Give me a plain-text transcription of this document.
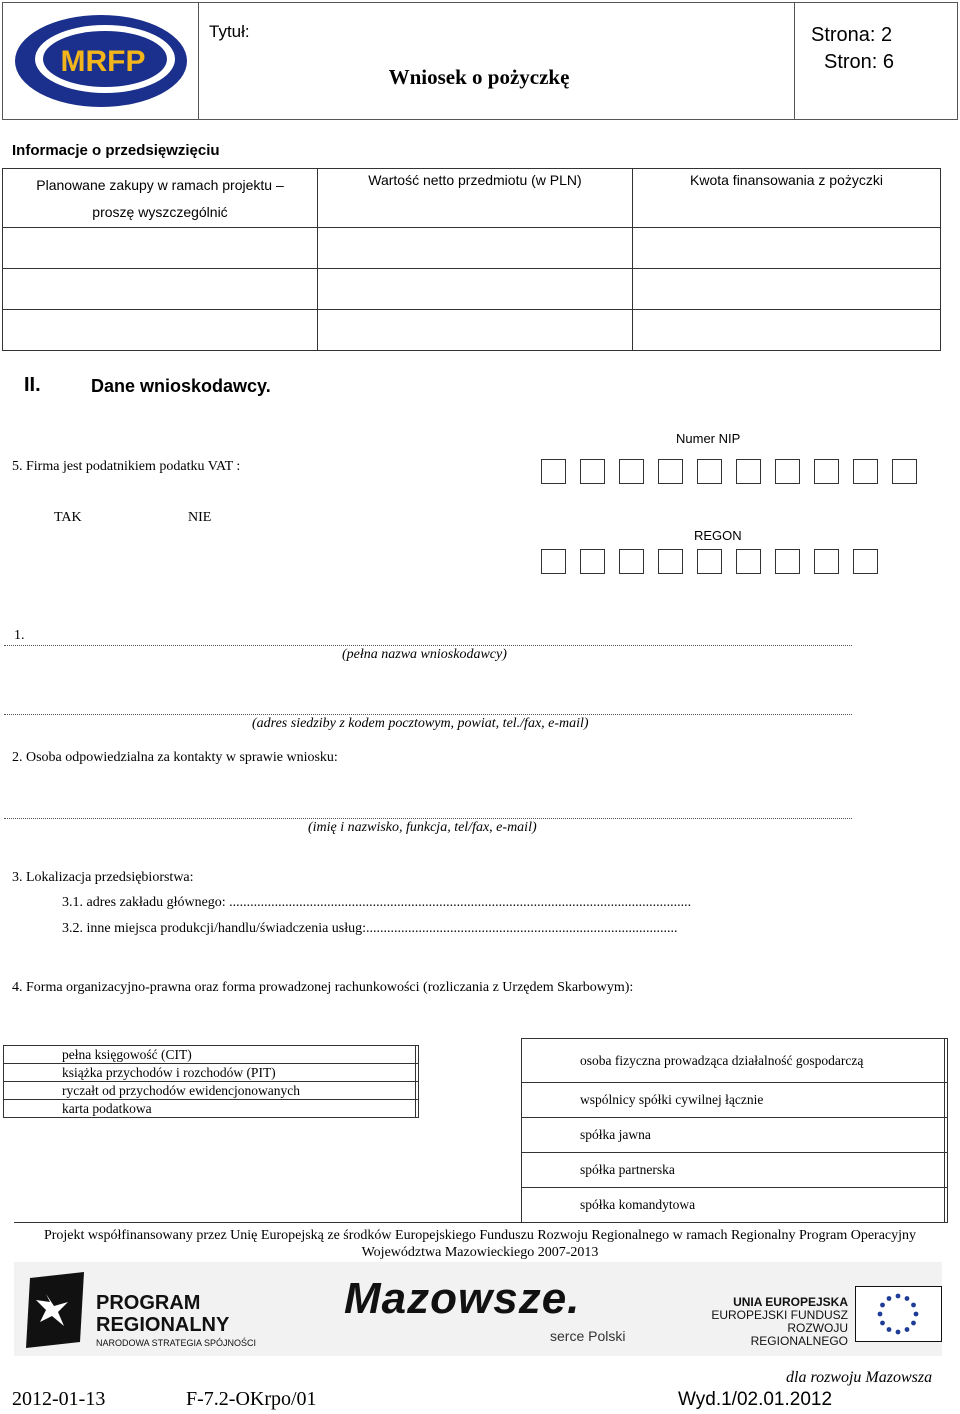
MRFP
Tytuł:
Wniosek o pożyczkę
Strona: 2
Stron: 6
Informacje o przedsięwzięciu
Planowane zakupy w ramach projektu –
proszę wyszczególnić	Wartość netto przedmiotu (w PLN)	Kwota finansowania z pożyczki

II.	Dane wnioskodawcy.
Numer NIP
5. Firma jest podatnikiem podatku VAT :
TAK	NIE
REGON
1.
(pełna nazwa wnioskodawcy)
(adres siedziby z kodem pocztowym, powiat, tel./fax, e-mail)
2. Osoba odpowiedzialna za kontakty w sprawie wniosku:
(imię i nazwisko, funkcja, tel/fax, e-mail)
3. Lokalizacja przedsiębiorstwa:
3.1. adres zakładu głównego: ....................................................................................................................................
3.2. inne miejsca produkcji/handlu/świadczenia usług:.........................................................................................
4. Forma organizacyjno-prawna oraz forma prowadzonej rachunkowości (rozliczania z Urzędem Skarbowym):
pełna księgowość (CIT)	
książka przychodów i rozchodów (PIT)	
ryczałt od przychodów ewidencjonowanych	
karta podatkowa	
osoba fizyczna prowadząca działalność gospodarczą	
wspólnicy spółki cywilnej łącznie	
spółka jawna	
spółka partnerska	
spółka komandytowa	
Projekt współfinansowany przez Unię Europejską ze środków Europejskiego Funduszu Rozwoju Regionalnego w ramach Regionalny Program Operacyjny
Województwa Mazowieckiego 2007-2013
PROGRAM
REGIONALNY
NARODOWA STRATEGIA SPÓJNOŚCI
Mazowsze.
serce Polski
UNIA EUROPEJSKA
EUROPEJSKI FUNDUSZ
ROZWOJU REGIONALNEGO
dla rozwoju Mazowsza
2012-01-13	F-7.2-OKrpo/01	Wyd.1/02.01.2012
